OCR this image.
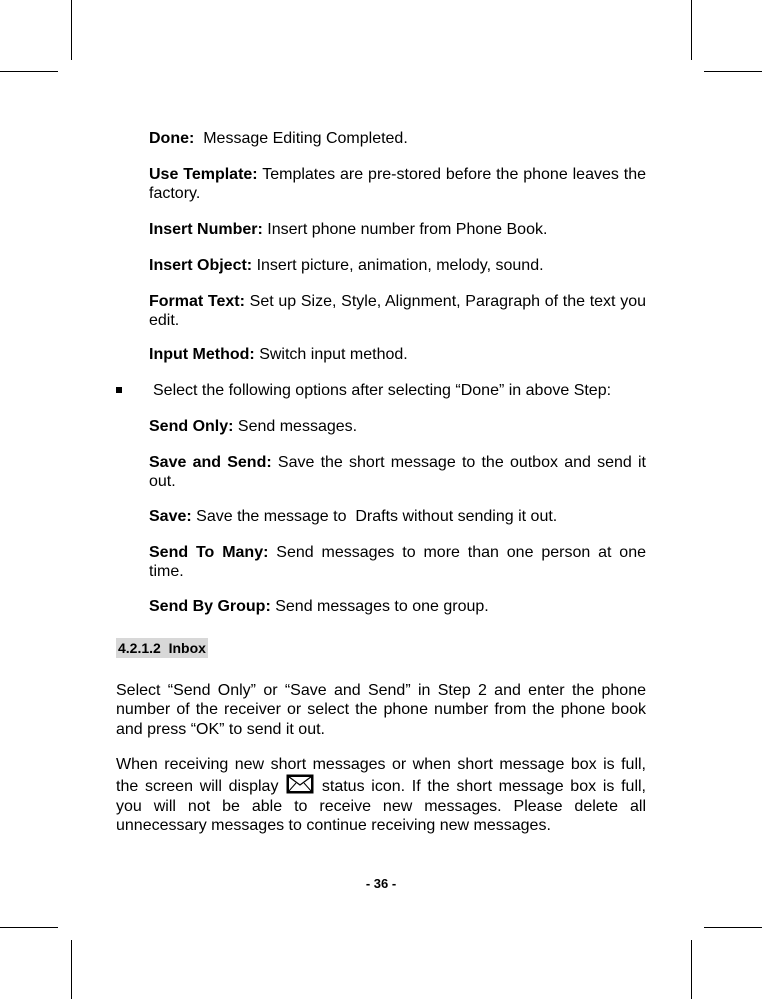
Done:  Message Editing Completed.
Use Template: Templates are pre-stored before the phone leaves the factory.
Insert Number: Insert phone number from Phone Book.
Insert Object: Insert picture, animation, melody, sound.
Format Text: Set up Size, Style, Alignment, Paragraph of the text you edit.
Input Method: Switch input method.
Select the following options after selecting “Done” in above Step:
Send Only: Send messages.
Save and Send: Save the short message to the outbox and send it out.
Save: Save the message to  Drafts without sending it out.
Send To Many: Send messages to more than one person at one time.
Send By Group: Send messages to one group.
4.2.1.2  Inbox
Select “Send Only” or “Save and Send” in Step 2 and enter the phone number of the receiver or select the phone number from the phone book and press “OK” to send it out.
When receiving new short messages or when short message box is full, the screen will display  status icon. If the short message box is full, you will not be able to receive new messages. Please delete all unnecessary messages to continue receiving new messages.
- 36 -
